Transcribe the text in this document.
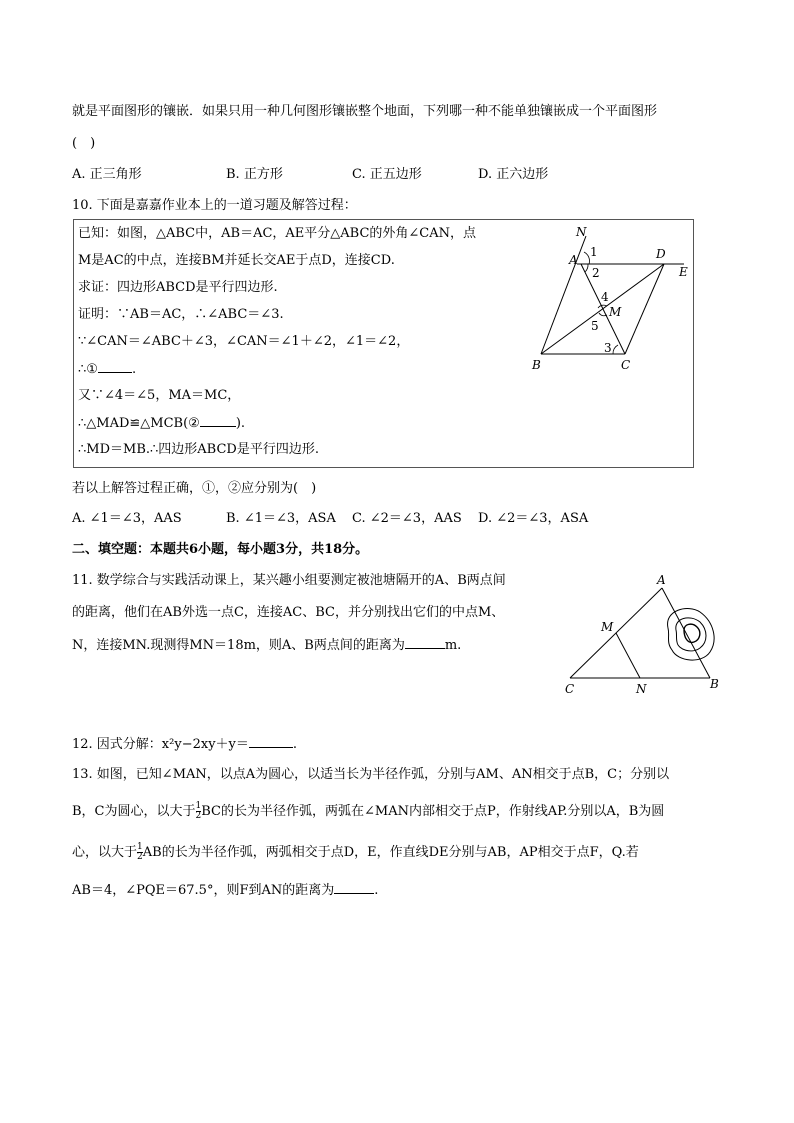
就是平面图形的镶嵌．如果只用一种几何图形镶嵌整个地面，下列哪一种不能单独镶嵌成一个平面图形
(　)
A. 正三角形	B. 正方形	C. 正五边形	D. 正六边形
10. 下面是嘉嘉作业本上的一道习题及解答过程：
已知：如图，△ABC中，AB＝AC，AE平分△ABC的外角∠CAN，点
M是AC的中点，连接BM并延长交AE于点D，连接CD.
求证：四边形ABCD是平行四边形.
证明：∵AB＝AC，∴∠ABC＝∠3.
∵∠CAN＝∠ABC＋∠3，∠CAN＝∠1＋∠2，∠1＝∠2，
∴①	.
又∵∠4＝∠5，MA＝MC，
∴△MAD≌△MCB(②	).
∴MD＝MB.∴四边形ABCD是平行四边形.
N
A	D
E
1
2
4
M
5
3
B	C
若以上解答过程正确，①，②应分别为(　)
A. ∠1＝∠3，AAS	B. ∠1＝∠3，ASA C. ∠2＝∠3，AAS D. ∠2＝∠3，ASA
二、填空题：本题共6小题，每小题3分，共18分。
11. 数学综合与实践活动课上，某兴趣小组要测定被池塘隔开的A、B两点间
的距离，他们在AB外选一点C，连接AC、BC，并分别找出它们的中点M、
N，连接MN.现测得MN＝18m，则A、B两点间的距离为	m.
A
M
C	N	B
12. 因式分解：x²y−2xy＋y＝	.
13. 如图，已知∠MAN，以点A为圆心，以适当长为半径作弧，分别与AM、AN相交于点B，C；分别以
B，C为圆心，以大于 $\frac{1}{2}$ BC的长为半径作弧，两弧在∠MAN内部相交于点P，作射线AP.分别以A，B为圆
心，以大于 $\frac{1}{2}$ AB的长为半径作弧，两弧相交于点D，E，作直线DE分别与AB，AP相交于点F，Q.若
AB＝4，∠PQE＝67.5°，则F到AN的距离为	.
